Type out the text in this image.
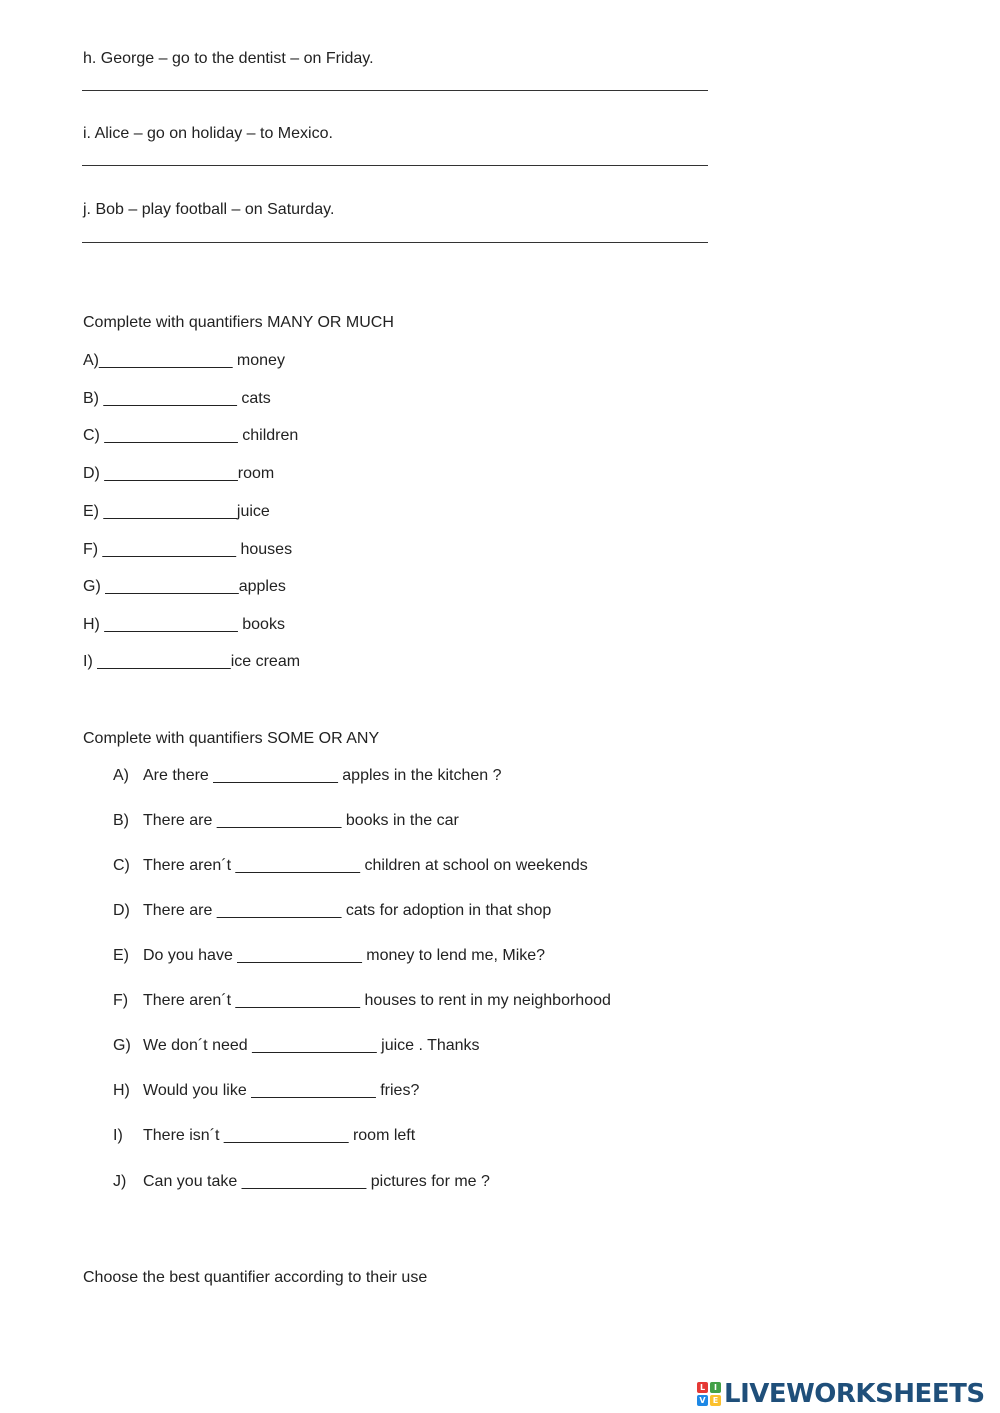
h. George – go to the dentist – on Friday.
i. Alice – go on holiday – to Mexico.
j. Bob – play football – on Saturday.
Complete with quantifiers MANY OR MUCH
A)_______________ money
B) _______________ cats
C) _______________ children
D) _______________room
E) _______________juice
F) _______________ houses
G) _______________apples
H) _______________ books
I) _______________ice cream
Complete with quantifiers SOME OR ANY
A) Are there ______________ apples in the kitchen ?
B) There are ______________ books in the car
C) There aren´t ______________ children at school on weekends
D) There are ______________ cats for adoption in that shop
E) Do you have ______________ money to lend me, Mike?
F) There aren´t ______________ houses to rent in my neighborhood
G) We don´t need ______________ juice . Thanks
H) Would you like ______________ fries?
I) There isn´t ______________ room left
J) Can you take ______________ pictures for me ?
Choose the best quantifier according to their use
L	I
V E LIVEWORKSHEETS
